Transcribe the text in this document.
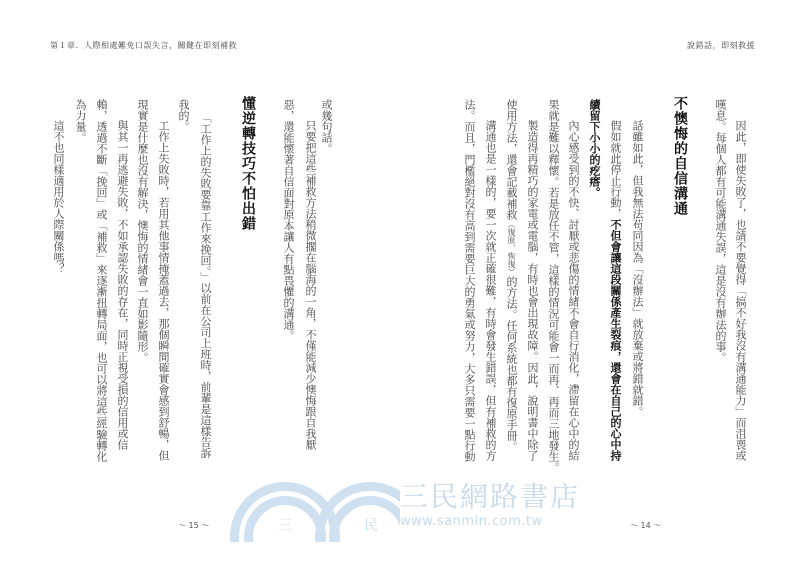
第１章．人際相處難免口誤失言，關鍵在即刻補救	說錯話，即刻救援
因此，即使失敗了，也請不要覺得「搞不好我沒有溝通能力」而沮喪或
嘆息。每個人都有可能溝通失誤，這是沒有辦法的事。
不懊悔的自信溝通
話雖如此，但我無法苟同因為「沒辦法」就放棄或將錯就錯。
假如就此停止行動，不但會讓這段關係產生裂痕，還會在自己的心中持
續留下小小的疙瘩。
內心感受到的不快、討厭或悲傷的情緒不會自行消化，滯留在心中的結
果就是難以釋懷。若是放任不管，這樣的情況可能會一而再、再而三地發生。
製造得再精巧的家電或電腦，有時也會出現故障。因此，說明書中除了
使用方法，還會記載補救（復原、恢復）的方法。任何系統也都有復原手冊。
溝通也是一樣的，要一次就正確很難，有時會發生錯誤，但有補救的方
法。而且，門檻絕對沒有高到需要巨大的勇氣或努力，大多只需要一點行動
～ 14 ～
或幾句話。
只要把這些補救方法稍微擱在腦海的一角，不僅能減少懊悔跟自我厭
惡，還能懷著自信面對原本讓人有點畏懼的溝通。
懂逆轉技巧不怕出錯
「工作上的失敗要靠工作來挽回。」以前在公司上班時，前輩是這樣告訴
我的。
工作上失敗時，若用其他事情掩蓋過去，那個瞬間確實會感到舒暢，但
現實是什麼也沒有解決，懊悔的情緒會一直如影隨形。
與其一再逃避失敗，不如承認失敗的存在，同時正視受損的信用或信
賴，透過不斷「挽回」或「補救」來逐漸扭轉局面，也可以將這些經驗轉化
為力量。
這不也同樣適用於人際關係嗎？
～ 15 ～	三	民
三民網路書店
www.sanmin.com.tw
